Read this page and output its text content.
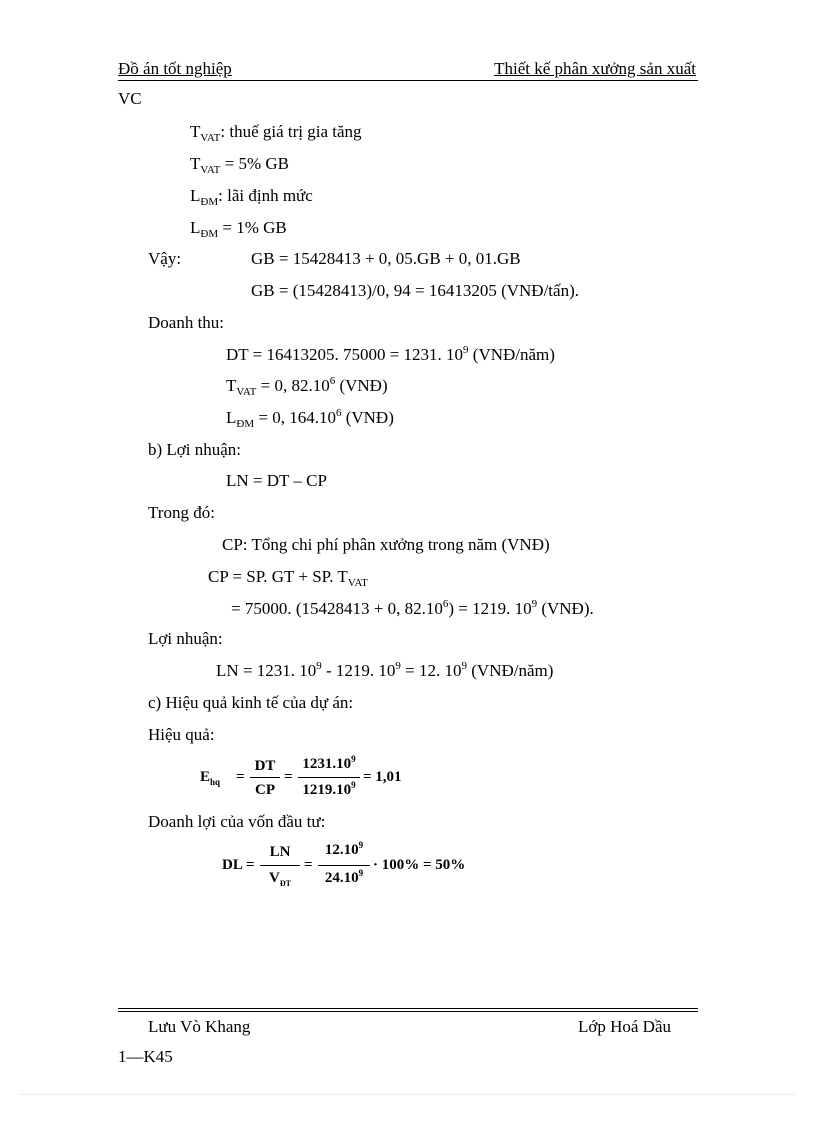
Đồ án tốt nghiệp	Thiết kế phân xưởng sản xuất
VC
$T_{VAT}$: thuế giá trị gia tăng
$T_{VAT} = 5\%$ GB
$L_{ĐM}$: lãi định mức
$L_{ĐM} = 1\%$ GB
Vậy:	GB = 15428413 + 0, 05.GB + 0, 01.GB
GB = (15428413)/0, 94 = 16413205 (VNĐ/tấn).
Doanh thu:
DT = 16413205. 75000 = 1231. $10^9$ (VNĐ/năm)
$T_{VAT} = 0$, 82.10$^6$ (VNĐ)
$L_{ĐM} = 0$, 164.10$^6$ (VNĐ)
b) Lợi nhuận:
LN = DT – CP
Trong đó:
CP: Tổng chi phí phân xưởng trong năm (VNĐ)
CP = SP. GT + SP. $T_{VAT}$
= 75000. (15428413 + 0, $82.10^6) = 1219$. $10^9$ (VNĐ).
Lợi nhuận:
LN = 1231. $10^9 - 1219$. $10^9 = 12$. $10^9$ (VNĐ/năm)
c) Hiệu quả kinh tế của dự án:
Hiệu quả:
$E_{hq}$ =
DT
CP
=
$1231.10^9$
$1219.10^9 = 1,01$
Doanh lợi của vốn đầu tư:
DL =
LN
$V_{ĐT}$
=
$12.10^9$
$24.10^9 \cdot 100\% = 50\%$
Lưu Vò Khang	Lớp Hoá Dầu
1—K45
